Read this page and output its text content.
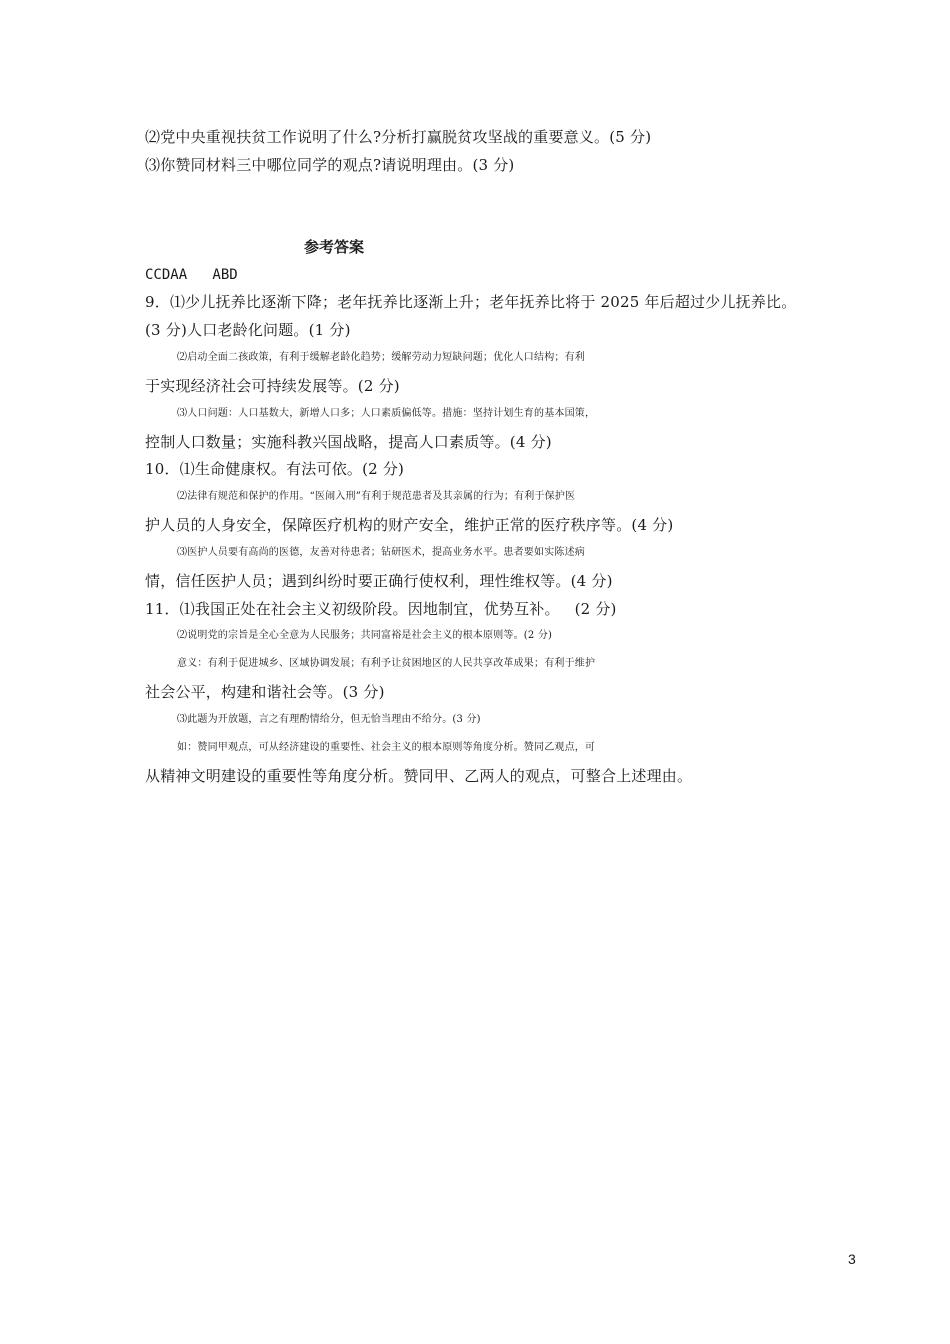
⑵党中央重视扶贫工作说明了什么?分析打赢脱贫攻坚战的重要意义。(5 分)
⑶你赞同材料三中哪位同学的观点?请说明理由。(3 分)
参考答案
CCDAA   ABD
9．⑴少儿抚养比逐渐下降；老年抚养比逐渐上升；老年抚养比将于 2025 年后超过少儿抚养比。
(3 分)人口老龄化问题。(1 分)
⑵启动全面二孩政策，有利于缓解老龄化趋势；缓解劳动力短缺问题；优化人口结构；有利
于实现经济社会可持续发展等。(2 分)
⑶人口问题：人口基数大，新增人口多；人口素质偏低等。措施：坚持计划生育的基本国策，
控制人口数量；实施科教兴国战略，提高人口素质等。(4 分)
10．⑴生命健康权。有法可依。(2 分)
⑵法律有规范和保护的作用。“医闹入刑”有利于规范患者及其亲属的行为；有利于保护医
护人员的人身安全，保障医疗机构的财产安全，维护正常的医疗秩序等。(4 分)
⑶医护人员要有高尚的医德，友善对待患者；钻研医术，提高业务水平。患者要如实陈述病
情，信任医护人员；遇到纠纷时要正确行使权利，理性维权等。(4 分)
11．⑴我国正处在社会主义初级阶段。因地制宜，优势互补。   (2 分)
⑵说明党的宗旨是全心全意为人民服务；共同富裕是社会主义的根本原则等。(2 分)
意义：有利于促进城乡、区域协调发展；有利予让贫困地区的人民共享改革成果；有利于维护
社会公平，构建和谐社会等。(3 分)
⑶此题为开放题，言之有理酌情给分，但无恰当理由不给分。(3 分)
如：赞同甲观点，可从经济建设的重要性、社会主义的根本原则等角度分析。赞同乙观点，可
从精神文明建设的重要性等角度分析。赞同甲、乙两人的观点，可整合上述理由。
3
